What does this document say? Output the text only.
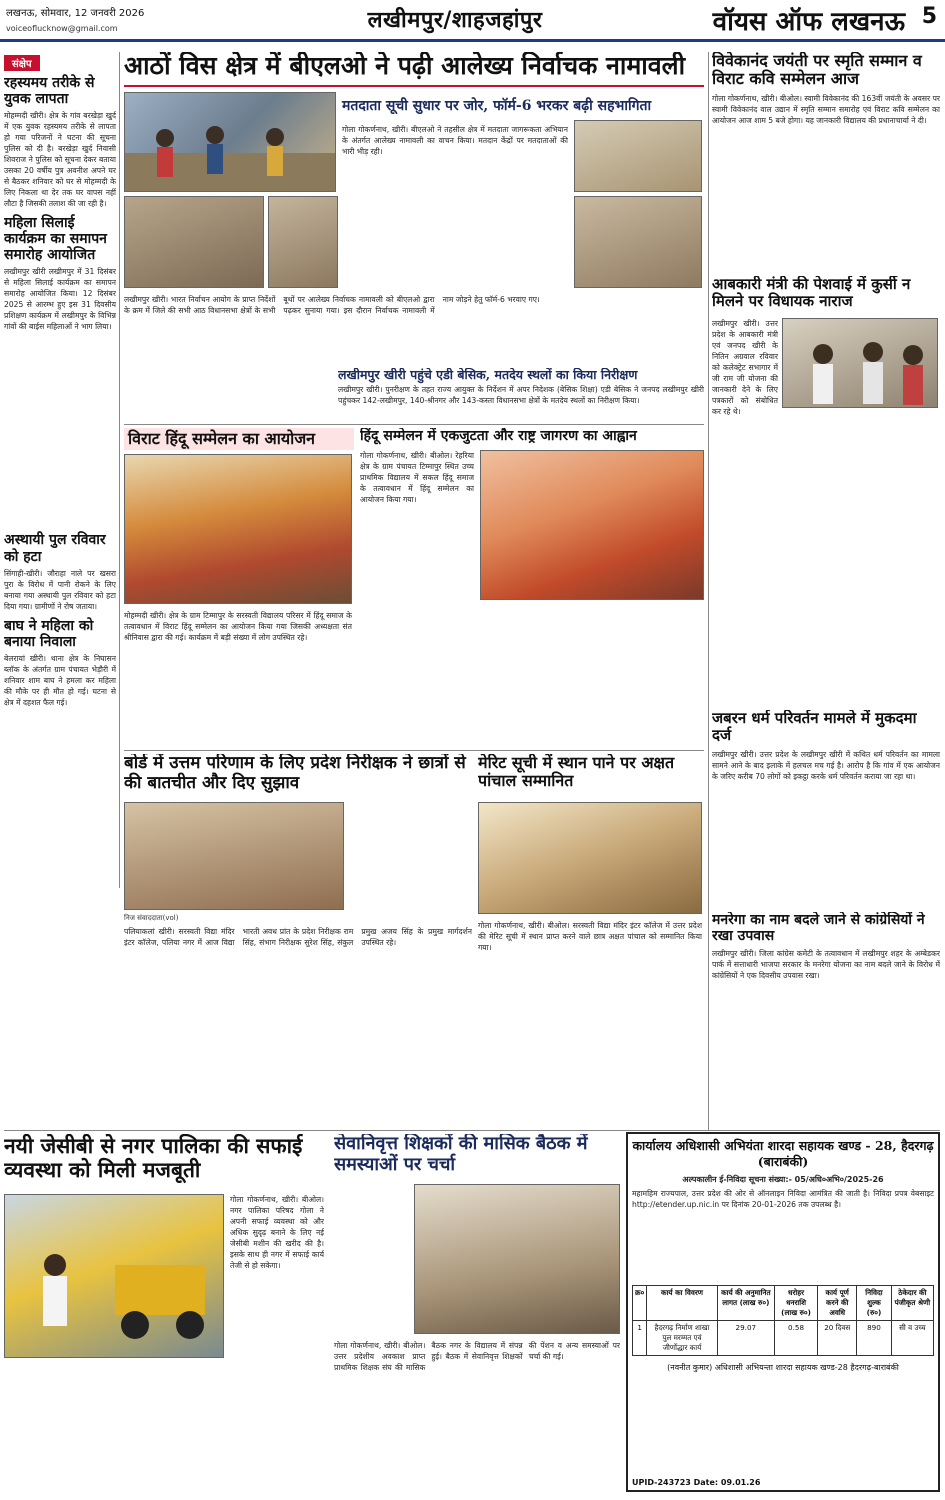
लखनऊ, सोमवार, 12 जनवरी 2026
voiceoflucknow@gmail.com	लखीमपुर/शाहजहांपुर	वॉयस ऑफ लखनऊ 5
संक्षेप
रहस्यमय तरीके से युवक लापता
मोहम्मदी खीरी। क्षेत्र के गांव बरखेड़ा खुर्द में एक युवक रहस्यमय तरीके से लापता हो गया परिजनों ने घटना की सूचना पुलिस को दी है। बरखेड़ा खुर्द निवासी शिवराज ने पुलिस को सूचना देकर बताया उसका 20 वर्षीय पुत्र अवनीश अपने घर से बैठकर शनिवार को घर से मोहम्मदी के लिए निकला था देर तक घर वापस नहीं लौटा है जिसकी तलाश की जा रही है।
महिला सिलाई कार्यक्रम का समापन समारोह आयोजित
लखीमपुर खीरी लखीमपुर में 31 दिसंबर से महिला सिलाई कार्यक्रम का समापन समारोह आयोजित किया। 12 दिसंबर 2025 से आरम्भ हुए इस 31 दिवसीय प्रशिक्षण कार्यक्रम में लखीमपुर के विभिन्न गांवों की बाईस महिलाओं ने भाग लिया।
अस्थायी पुल रविवार को हटा
सिंगाही-खीरी। जौराहा नाले पर खसरा पुरा के विरोध में पानी रोकने के लिए बनाया गया अस्थायी पुल रविवार को हटा दिया गया। ग्रामीणों ने रोष जताया।
बाघ ने महिला को बनाया निवाला
बेलरायां खीरी। थाना क्षेत्र के निघासन ब्लॉक के अंतर्गत ग्राम पंचायत भेड़ौरी में शनिवार शाम बाघ ने हमला कर महिला की मौके पर ही मौत हो गई। घटना से क्षेत्र में दहशत फैल गई।
आठों विस क्षेत्र में बीएलओ ने पढ़ी आलेख्य निर्वाचक नामावली
मतदाता सूची सुधार पर जोर, फॉर्म-6 भरकर बढ़ी सहभागिता
गोला गोकर्णनाथ, खीरी। बीएलओ ने तहसील क्षेत्र में मतदाता जागरूकता अभियान के अंतर्गत आलेख्य नामावली का वाचन किया। मतदान केंद्रों पर मतदाताओं की भारी भीड़ रही।
लखीमपुर खीरी। भारत निर्वाचन आयोग के प्राप्त निर्देशों के क्रम में जिले की सभी आठ विधानसभा क्षेत्रों के सभी बूथों पर आलेख्य निर्वाचक नामावली को बीएलओ द्वारा पढ़कर सुनाया गया। इस दौरान निर्वाचक नामावली में नाम जोड़ने हेतु फॉर्म-6 भरवाए गए।
लखीमपुर खीरी पहुंचे एडी बेसिक, मतदेय स्थलों का किया निरीक्षण
लखीमपुर खीरी। पुनरीक्षण के तहत राज्य आयुक्त के निर्देशन में अपर निदेशक (बेसिक शिक्षा) एडी बेसिक ने जनपद लखीमपुर खीरी पहुंचकर 142-लखीमपुर, 140-श्रीनगर और 143-कस्ता विधानसभा क्षेत्रों के मतदेय स्थलों का निरीक्षण किया।
विवेकानंद जयंती पर स्मृति सम्मान व विराट कवि सम्मेलन आज
गोला गोकर्णनाथ, खीरी। बीओल। स्वामी विवेकानंद की 163वीं जयंती के अवसर पर स्वामी विवेकानंद वाल उद्यान में स्मृति सम्मान समारोह एवं विराट कवि सम्मेलन का आयोजन आज शाम 5 बजे होगा। यह जानकारी विद्यालय की प्रधानाचार्या ने दी।
आबकारी मंत्री की पेशवाई में कुर्सी न मिलने पर विधायक नाराज
लखीमपुर खीरी। उत्तर प्रदेश के आबकारी मंत्री एवं जनपद खीरी के नितिन अग्रवाल रविवार को कलेक्ट्रेट सभागार में जी राम जी योजना की जानकारी देने के लिए पत्रकारों को संबोधित कर रहे थे।
जबरन धर्म परिवर्तन मामले में मुकदमा दर्ज
लखीमपुर खीरी। उत्तर प्रदेश के लखीमपुर खीरी में कथित धर्म परिवर्तन का मामला सामने आने के बाद इलाके में हलचल मच गई है। आरोप है कि गांव में एक आयोजन के जरिए करीब 70 लोगों को इकट्ठा करके धर्म परिवर्तन कराया जा रहा था।
मनरेगा का नाम बदले जाने से कांग्रेसियों ने रखा उपवास
लखीमपुर खीरी। जिला कांग्रेस कमेटी के तत्वावधान में लखीमपुर शहर के अम्बेडकर पार्क में सत्ताधारी भाजपा सरकार के मनरेगा योजना का नाम बदले जाने के विरोध में कांग्रेसियों ने एक दिवसीय उपवास रखा।
विराट हिंदू सम्मेलन का आयोजन
मोहम्मदी खीरी। क्षेत्र के ग्राम टिम्मापुर के सरस्वती विद्यालय परिसर में हिंदू समाज के तत्वावधान में विराट हिंदू सम्मेलन का आयोजन किया गया जिसकी अध्यक्षता संत श्रीनिवास द्वारा की गई। कार्यक्रम में बड़ी संख्या में लोग उपस्थित रहे।
हिंदू सम्मेलन में एकजुटता और राष्ट्र जागरण का आह्वान
गोला गोकर्णनाथ, खीरी। बीओल। रेहरिया क्षेत्र के ग्राम पंचायत टिम्मापुर स्थित उच्च प्राथमिक विद्यालय में सकल हिंदू समाज के तत्वावधान में हिंदू सम्मेलन का आयोजन किया गया।
बोर्ड में उत्तम परिणाम के लिए प्रदेश निरीक्षक ने छात्रों से की बातचीत और दिए सुझाव
निज संवाददाता(vol)
पलियाकलां खीरी। सरस्वती विद्या मंदिर इंटर कॉलेज, पलिया नगर में आज विद्या भारती अवध प्रांत के प्रदेश निरीक्षक राम सिंह, संभाग निरीक्षक सुरेश सिंह, संकुल प्रमुख अजय सिंह के प्रमुख मार्गदर्शन उपस्थित रहे।
मेरिट सूची में स्थान पाने पर अक्षत पांचाल सम्मानित
गोला गोकर्णनाथ, खीरी। बीओल। सरस्वती विद्या मंदिर इंटर कॉलेज में उत्तर प्रदेश की मेरिट सूची में स्थान प्राप्त करने वाले छात्र अक्षत पांचाल को सम्मानित किया गया।
नयी जेसीबी से नगर पालिका की सफाई व्यवस्था को मिली मजबूती
गोला गोकर्णनाथ, खीरी। बीओल। नगर पालिका परिषद गोला ने अपनी सफाई व्यवस्था को और अधिक सुदृढ़ बनाने के लिए नई जेसीबी मशीन की खरीद की है। इसके साथ ही नगर में सफाई कार्य तेजी से हो सकेगा।
सेवानिवृत्त शिक्षकों की मासिक बैठक में समस्याओं पर चर्चा
गोला गोकर्णनाथ, खीरी। बीओल। उत्तर प्रदेशीय अवकाश प्राप्त प्राथमिक शिक्षक संघ की मासिक बैठक नगर के विद्यालय में संपन्न हुई। बैठक में सेवानिवृत्त शिक्षकों की पेंशन व अन्य समस्याओं पर चर्चा की गई।
कार्यालय अधिशासी अभियंता शारदा सहायक खण्ड - 28, हैदरगढ़ (बाराबंकी)
अल्पकालीन ई-निविदा सूचना संख्या:- 05/अधि०अभि०/2025-26
महामहिम राज्यपाल, उत्तर प्रदेश की ओर से ऑनलाइन निविदा आमंत्रित की जाती है। निविदा प्रपत्र वेबसाइट http://etender.up.nic.in पर दिनांक 20-01-2026 तक उपलब्ध है।
क्र०	कार्य का विवरण	कार्य की अनुमानित लागत (लाख रु०)	धरोहर धनराशि (लाख रु०)	कार्य पूर्ण करने की अवधि	निविदा शुल्क (रु०)	ठेकेदार की पंजीकृत श्रेणी
1	हैदरगढ़ निर्माण शाखा पुल मरम्मत एवं जीर्णोद्धार कार्य	29.07	0.58	20 दिवस	890	सी व उच्च
(नवनीत कुमार) अधिशासी अभियन्ता शारदा सहायक खण्ड-28 हैदरगढ़-बाराबंकी
UPID-243723 Date: 09.01.26
